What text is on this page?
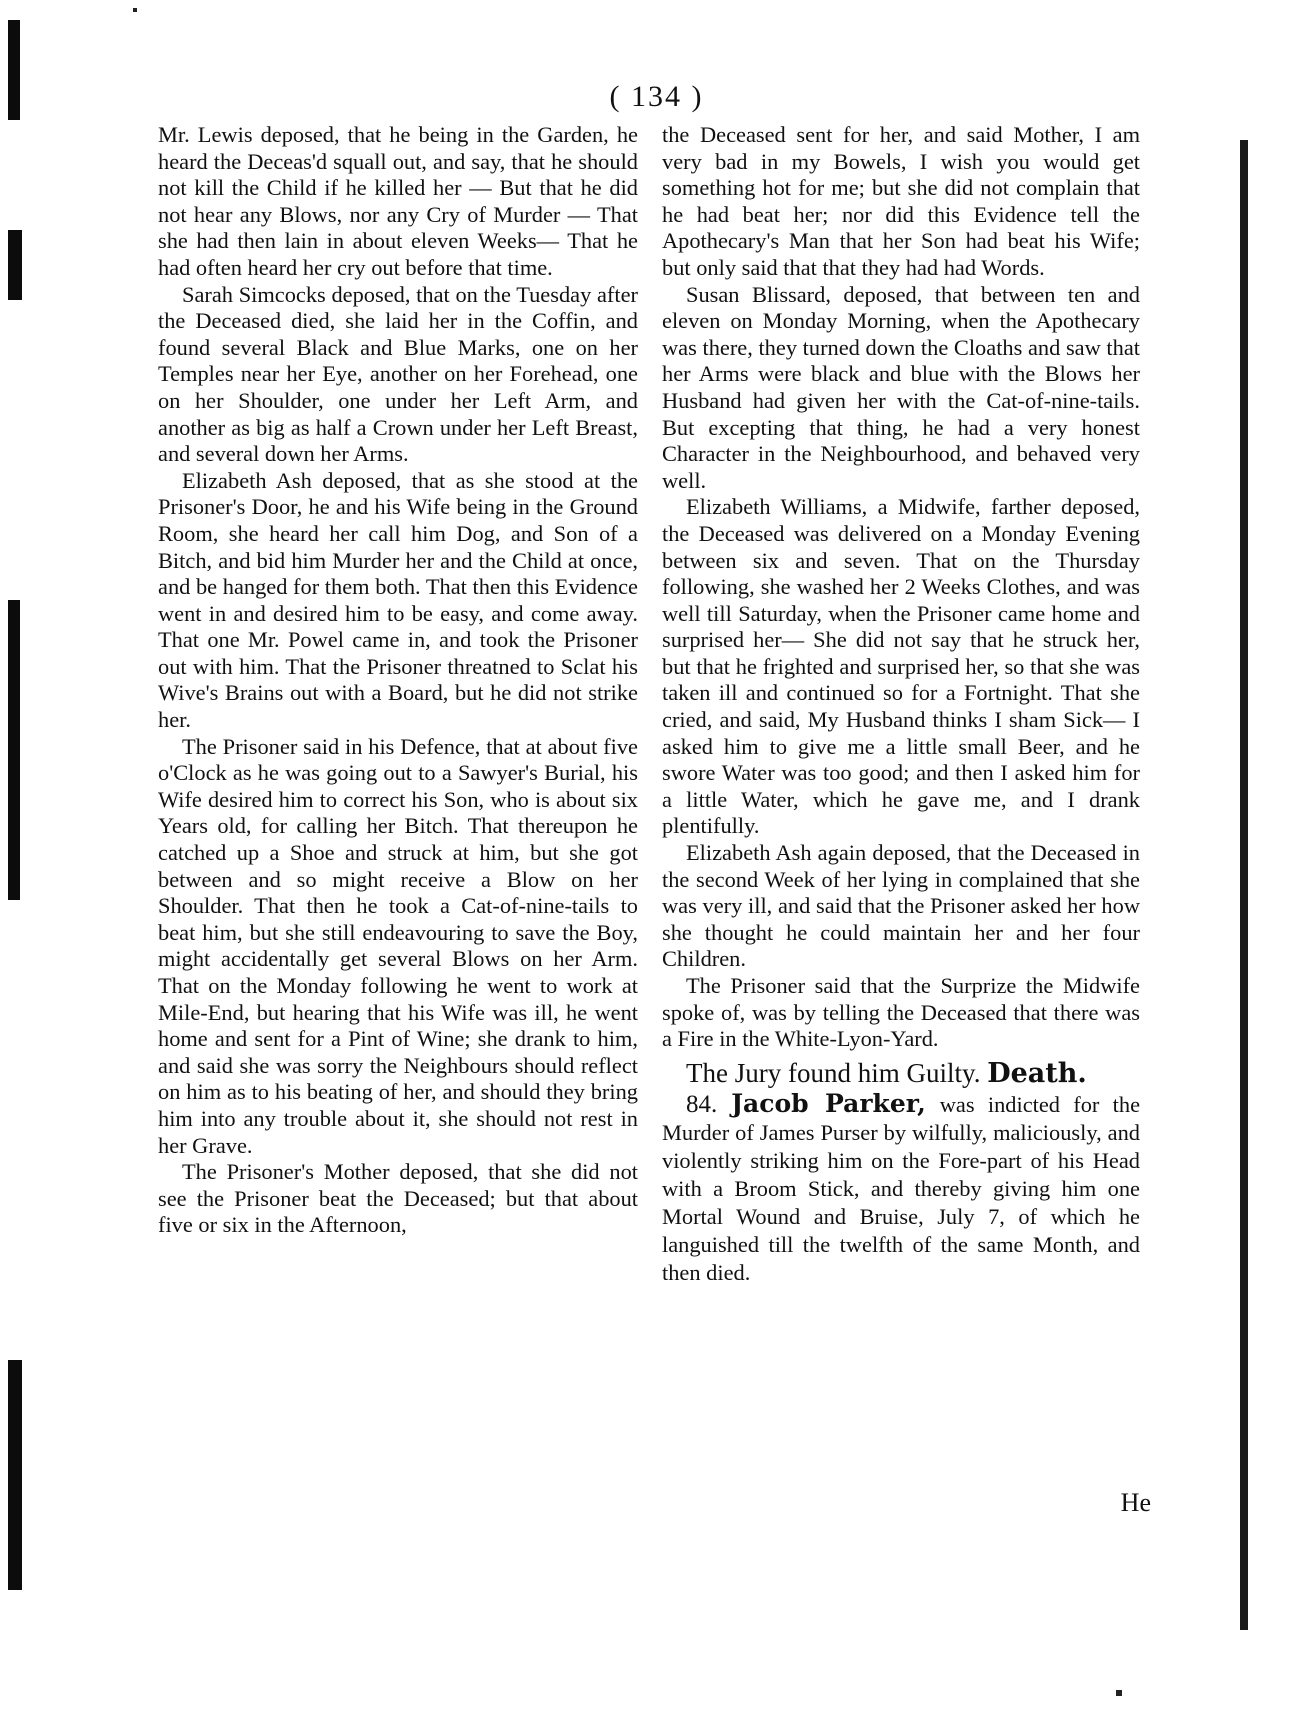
( 134 )

Mr. Lewis deposed, that he being in the Garden, he heard the Deceas'd squall out, and say, that he should not kill the Child if he killed her — But that he did not hear any Blows, nor any Cry of Murder — That she had then lain in about eleven Weeks— That he had often heard her cry out before that time.

Sarah Simcocks deposed, that on the Tuesday after the Deceased died, she laid her in the Coffin, and found several Black and Blue Marks, one on her Temples near her Eye, another on her Forehead, one on her Shoulder, one under her Left Arm, and another as big as half a Crown under her Left Breast, and several down her Arms.

Elizabeth Ash deposed, that as she stood at the Prisoner's Door, he and his Wife being in the Ground Room, she heard her call him Dog, and Son of a Bitch, and bid him Murder her and the Child at once, and be hanged for them both. That then this Evidence went in and desired him to be easy, and come away. That one Mr. Powel came in, and took the Prisoner out with him. That the Prisoner threatned to Sclat his Wive's Brains out with a Board, but he did not strike her.

The Prisoner said in his Defence, that at about five o'Clock as he was going out to a Sawyer's Burial, his Wife desired him to correct his Son, who is about six Years old, for calling her Bitch. That thereupon he catched up a Shoe and struck at him, but she got between and so might receive a Blow on her Shoulder. That then he took a Cat-of-nine-tails to beat him, but she still endeavouring to save the Boy, might accidentally get several Blows on her Arm. That on the Monday following he went to work at Mile-End, but hearing that his Wife was ill, he went home and sent for a Pint of Wine; she drank to him, and said she was sorry the Neighbours should reflect on him as to his beating of her, and should they bring him into any trouble about it, she should not rest in her Grave.

The Prisoner's Mother deposed, that she did not see the Prisoner beat the Deceased; but that about five or six in the Afternoon,

the Deceased sent for her, and said Mother, I am very bad in my Bowels, I wish you would get something hot for me; but she did not complain that he had beat her; nor did this Evidence tell the Apothecary's Man that her Son had beat his Wife; but only said that that they had had Words.

Susan Blissard, deposed, that between ten and eleven on Monday Morning, when the Apothecary was there, they turned down the Cloaths and saw that her Arms were black and blue with the Blows her Husband had given her with the Cat-of-nine-tails. But excepting that thing, he had a very honest Character in the Neighbourhood, and behaved very well.

Elizabeth Williams, a Midwife, farther deposed, the Deceased was delivered on a Monday Evening between six and seven. That on the Thursday following, she washed her 2 Weeks Clothes, and was well till Saturday, when the Prisoner came home and surprised her— She did not say that he struck her, but that he frighted and surprised her, so that she was taken ill and continued so for a Fortnight. That she cried, and said, My Husband thinks I sham Sick— I asked him to give me a little small Beer, and he swore Water was too good; and then I asked him for a little Water, which he gave me, and I drank plentifully.

Elizabeth Ash again deposed, that the Deceased in the second Week of her lying in complained that she was very ill, and said that the Prisoner asked her how she thought he could maintain her and her four Children.

The Prisoner said that the Surprize the Midwife spoke of, was by telling the Deceased that there was a Fire in the White-Lyon-Yard.

The Jury found him Guilty. Death.

84. Jacob Parker, was indicted for the Murder of James Purser by wilfully, maliciously, and violently striking him on the Fore-part of his Head with a Broom Stick, and thereby giving him one Mortal Wound and Bruise, July 7, of which he languished till the twelfth of the same Month, and then died.

He
